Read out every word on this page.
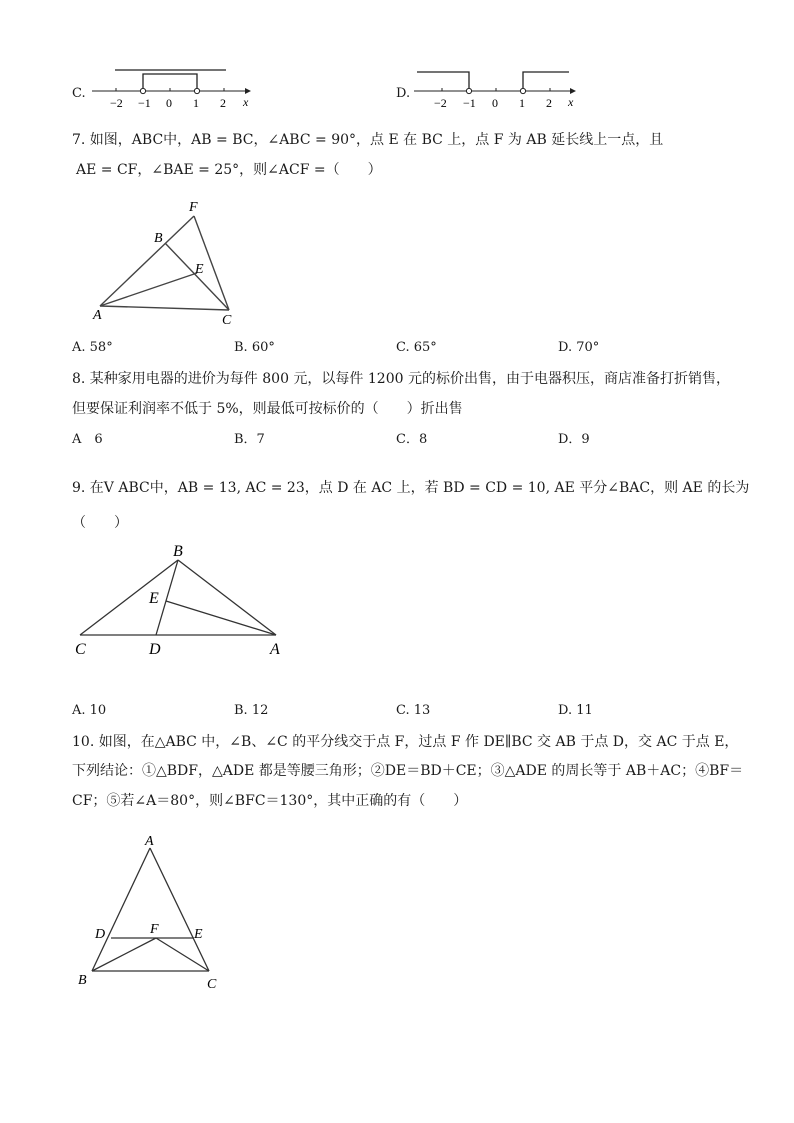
C.
−2 −1 0 1 2 x
D.
−2 −1 0 1 2 x
7. 如图，ABC中，AB = BC，∠ABC = 90°，点 E 在 BC 上，点 F 为 AB 延长线上一点，且
AE = CF，∠BAE = 25°，则∠ACF =（　　）
F
B
E
A	C
A. 58°	B. 60°	C. 65°	D. 70°
8. 某种家用电器的进价为每件 800 元，以每件 1200 元的标价出售，由于电器积压，商店准备打折销售，
但要保证利润率不低于 5%，则最低可按标价的（　　）折出售
A　6	B．7	C．8	D．9
9. 在V ABC中，AB = 13, AC = 23，点 D 在 AC 上，若 BD = CD = 10, AE 平分∠BAC，则 AE 的长为
（　　）
B
E
C	D	A
A. 10	B. 12	C. 13	D. 11
10. 如图，在△ABC 中，∠B、∠C 的平分线交于点 F，过点 F 作 DE∥BC 交 AB 于点 D，交 AC 于点 E，
下列结论：①△BDF，△ADE 都是等腰三角形；②DE＝BD＋CE；③△ADE 的周长等于 AB＋AC；④BF＝
CF；⑤若∠A＝80°，则∠BFC＝130°，其中正确的有（　　）
A
D	F	E
B	C
